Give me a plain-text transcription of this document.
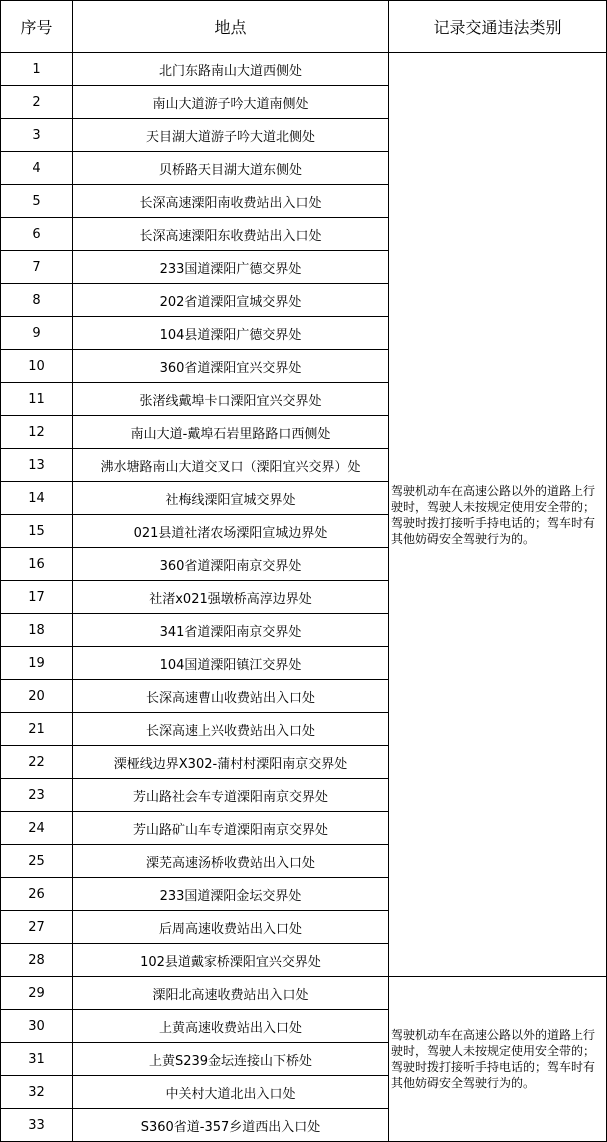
序号	地点	记录交通违法类别
1	北门东路南山大道西侧处	驾驶机动车在高速公路以外的道路上行驶时，驾驶人未按规定使用安全带的；驾驶时拨打接听手持电话的；驾车时有其他妨碍安全驾驶行为的。
2	南山大道游子吟大道南侧处	
3	天目湖大道游子吟大道北侧处	
4	贝桥路天目湖大道东侧处	
5	长深高速溧阳南收费站出入口处	
6	长深高速溧阳东收费站出入口处	
7	233国道溧阳广德交界处	
8	202省道溧阳宣城交界处	
9	104县道溧阳广德交界处	
10	360省道溧阳宜兴交界处	
11	张渚线戴埠卡口溧阳宜兴交界处	
12	南山大道-戴埠石岩里路路口西侧处	
13	沸水塘路南山大道交叉口（溧阳宜兴交界）处	
14	社梅线溧阳宣城交界处	
15	021县道社渚农场溧阳宣城边界处	
16	360省道溧阳南京交界处	
17	社渚x021强墩桥高淳边界处	
18	341省道溧阳南京交界处	
19	104国道溧阳镇江交界处	
20	长深高速曹山收费站出入口处	
21	长深高速上兴收费站出入口处	
22	溧桠线边界X302-蒲村村溧阳南京交界处	
23	芳山路社会车专道溧阳南京交界处	
24	芳山路矿山车专道溧阳南京交界处	
25	溧芜高速汤桥收费站出入口处	
26	233国道溧阳金坛交界处	
27	后周高速收费站出入口处	
28	102县道戴家桥溧阳宜兴交界处	
29	溧阳北高速收费站出入口处	驾驶机动车在高速公路以外的道路上行驶时，驾驶人未按规定使用安全带的；驾驶时拨打接听手持电话的；驾车时有其他妨碍安全驾驶行为的。
30	上黄高速收费站出入口处	
31	上黄S239金坛连接山下桥处	
32	中关村大道北出入口处	
33	S360省道-357乡道西出入口处	
